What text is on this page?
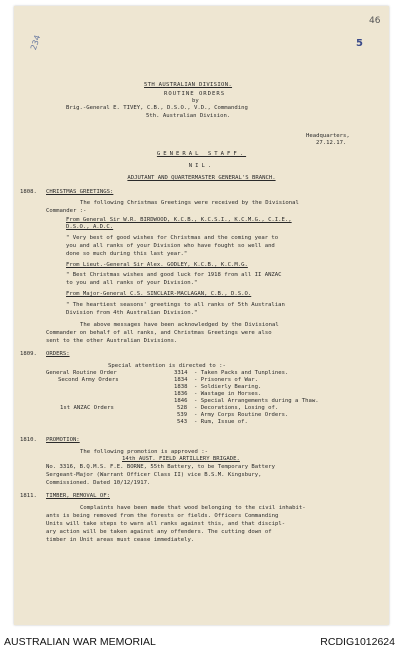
46
234	5
5TH AUSTRALIAN DIVISION.
ROUTINE ORDERS
by
Brig.-General E. TIVEY, C.B., D.S.O., V.D., Commanding
5th. Australian Division.
Headquarters,
27.12.17.
GENERAL STAFF.
NIL.
ADJUTANT AND QUARTERMASTER GENERAL'S BRANCH.
1808. CHRISTMAS GREETINGS:
The following Christmas Greetings were received by the Divisional
Commander :-
From General Sir W.R. BIRDWOOD, K.C.B., K.C.S.I., K.C.M.G., C.I.E.,
D.S.O., A.D.C.
" Very best of good wishes for Christmas and the coming year to
you and all ranks of your Division who have fought so well and
done so much during this last year."
From Lieut.-General Sir Alex. GODLEY, K.C.B., K.C.M.G.
" Best Christmas wishes and good luck for 1918 from all II ANZAC
to you and all ranks of your Division."
From Major-General C.S. SINCLAIR-MACLAGAN, C.B., D.S.O.
" The heartiest seasons' greetings to all ranks of 5th Australian
Division from 4th Australian Division."
The above messages have been acknowledged by the Divisional
Commander on behalf of all ranks, and Christmas Greetings were also
sent to the other Australian Divisions.
1809. ORDERS:
Special attention is directed to :-
General Routine Order	3314 - Taken Packs and Tunplines.
Second Army Orders	1834 - Prisoners of War.
1838 - Soldierly Bearing.
1836 - Wastage in Horses.
1846 - Special Arrangements during a Thaw.
1st ANZAC Orders	528 - Decorations, Losing of.
539 - Army Corps Routine Orders.
543 - Rum, Issue of.
1810. PROMOTION:
The following promotion is approved :-
14th AUST. FIELD ARTILLERY BRIGADE.
No. 3316, B.Q.M.S. F.E. BORNE, 55th Battery, to be Temporary Battery
Sergeant-Major (Warrant Officer Class II) vice B.S.M. Kingsbury,
Commissioned. Dated 10/12/1917.
1811. TIMBER, REMOVAL OF:
Complaints have been made that wood belonging to the civil inhabit-
ants is being removed from the forests or fields. Officers Commanding
Units will take steps to warn all ranks against this, and that discipl-
ary action will be taken against any offenders. The cutting down of
timber in Unit areas must cease immediately.
AUSTRALIAN WAR MEMORIAL	RCDIG1012624
